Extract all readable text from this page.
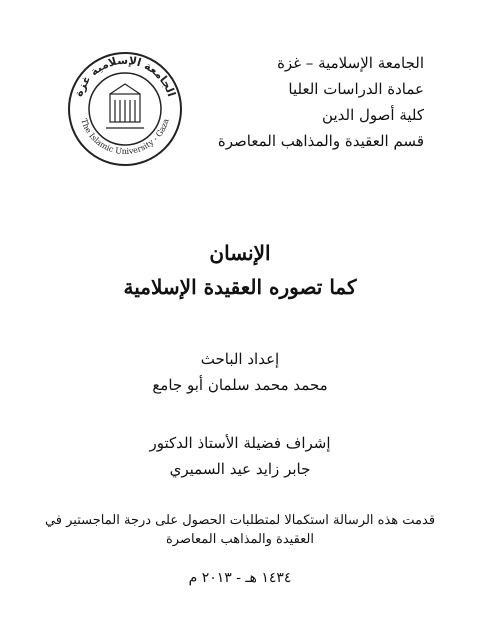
الجامعة الإسلامية غزة
The Islamic University - Gaza
الجامعة الإسلامية – غزة
عمادة الدراسات العليا
كلية أصول الدين
قسم العقيدة والمذاهب المعاصرة
الإنسان
كما تصوره العقيدة الإسلامية
إعداد الباحث
محمد محمد سلمان أبو جامع
إشراف فضيلة الأستاذ الدكتور
جابر زايد عيد السميري
قدمت هذه الرسالة استكمالا لمتطلبات الحصول على درجة الماجستير في
العقيدة والمذاهب المعاصرة
١٤٣٤ هـ - ٢٠١٣ م
